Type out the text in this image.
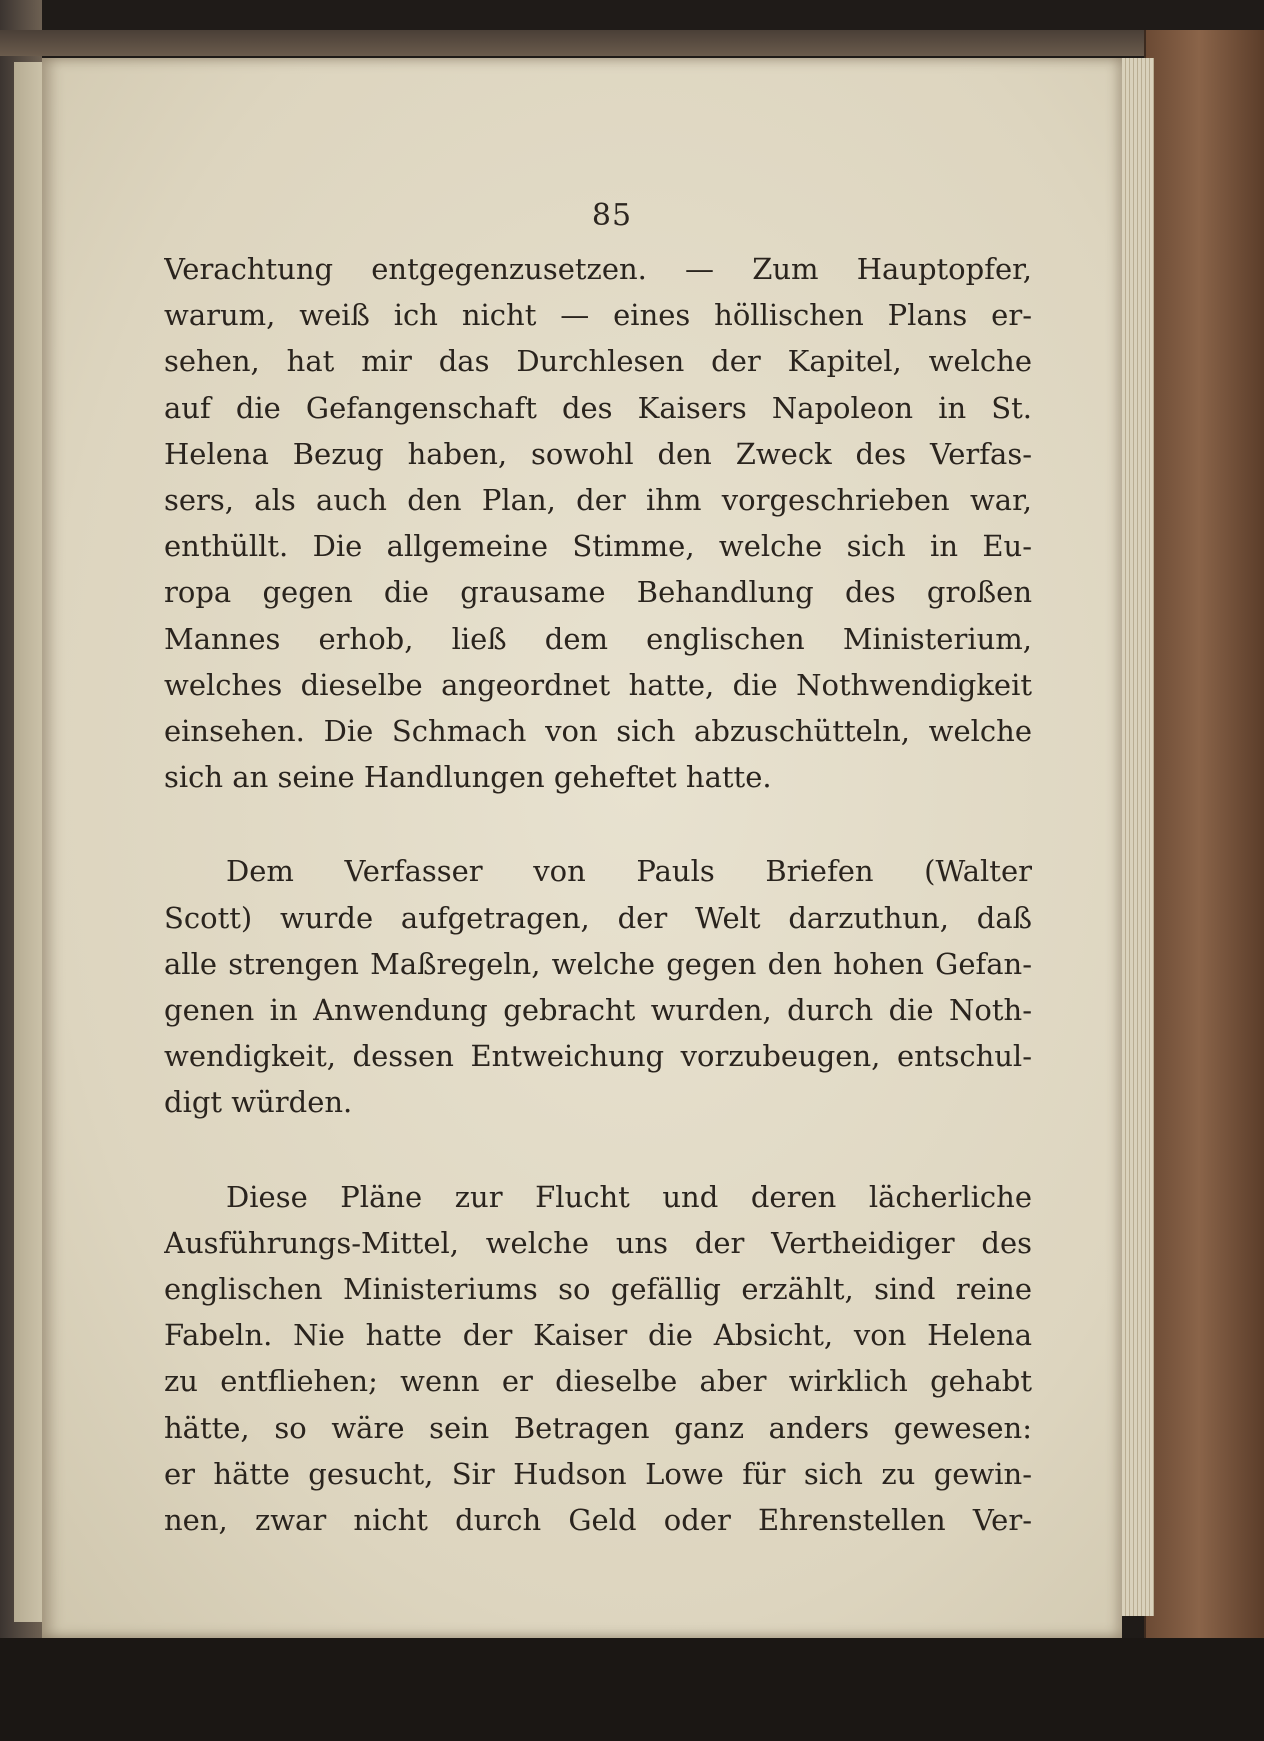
85
Verachtung entgegenzusetzen. — Zum Hauptopfer,
warum, weiß ich nicht — eines höllischen Plans er-
sehen, hat mir das Durchlesen der Kapitel, welche
auf die Gefangenschaft des Kaisers Napoleon in St.
Helena Bezug haben, sowohl den Zweck des Verfas-
sers, als auch den Plan, der ihm vorgeschrieben war,
enthüllt. Die allgemeine Stimme, welche sich in Eu-
ropa gegen die grausame Behandlung des großen
Mannes erhob, ließ dem englischen Ministerium,
welches dieselbe angeordnet hatte, die Nothwendigkeit
einsehen. Die Schmach von sich abzuschütteln, welche
sich an seine Handlungen geheftet hatte.
Dem Verfasser von Pauls Briefen (Walter
Scott) wurde aufgetragen, der Welt darzuthun, daß
alle strengen Maßregeln, welche gegen den hohen Gefan-
genen in Anwendung gebracht wurden, durch die Noth-
wendigkeit, dessen Entweichung vorzubeugen, entschul-
digt würden.
Diese Pläne zur Flucht und deren lächerliche
Ausführungs-Mittel, welche uns der Vertheidiger des
englischen Ministeriums so gefällig erzählt, sind reine
Fabeln. Nie hatte der Kaiser die Absicht, von Helena
zu entfliehen; wenn er dieselbe aber wirklich gehabt
hätte, so wäre sein Betragen ganz anders gewesen:
er hätte gesucht, Sir Hudson Lowe für sich zu gewin-
nen, zwar nicht durch Geld oder Ehrenstellen Ver-
